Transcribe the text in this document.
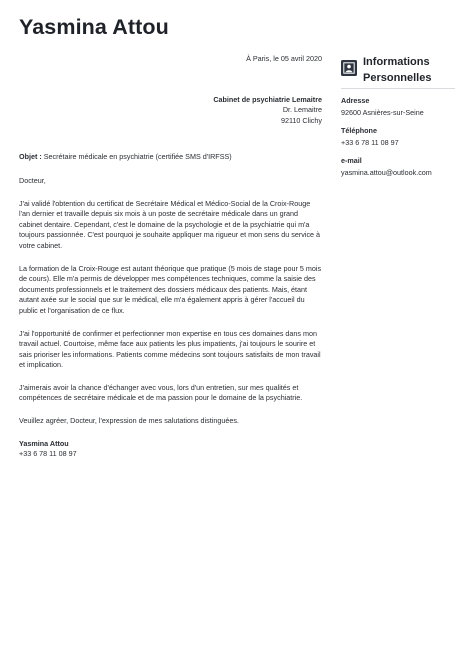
Yasmina Attou
À Paris, le 05 avril 2020
Cabinet de psychiatrie Lemaitre
Dr. Lemaitre
92110 Clichy
Objet : Secrétaire médicale en psychiatrie (certifiée SMS d'IRFSS)
Docteur,
J'ai validé l'obtention du certificat de Secrétaire Médical et Médico-Social de la Croix-Rouge l'an dernier et travaille depuis six mois à un poste de secrétaire médicale dans un grand cabinet dentaire. Cependant, c'est le domaine de la psychologie et de la psychiatrie qui m'a toujours passionnée. C'est pourquoi je souhaite appliquer ma rigueur et mon sens du service à votre cabinet.
La formation de la Croix-Rouge est autant théorique que pratique (5 mois de stage pour 5 mois de cours). Elle m'a permis de développer mes compétences techniques, comme la saisie des documents professionnels et le traitement des dossiers médicaux des patients. Mais, étant autant axée sur le social que sur le médical, elle m'a également appris à gérer l'accueil du public et l'organisation de ce flux.
J'ai l'opportunité de confirmer et perfectionner mon expertise en tous ces domaines dans mon travail actuel. Courtoise, même face aux patients les plus impatients, j'ai toujours le sourire et sais prioriser les informations. Patients comme médecins sont toujours satisfaits de mon travail et implication.
J'aimerais avoir la chance d'échanger avec vous, lors d'un entretien, sur mes qualités et compétences de secrétaire médicale et de ma passion pour le domaine de la psychiatrie.
Veuillez agréer, Docteur, l'expression de mes salutations distinguées.
Yasmina Attou
+33 6 78 11 08 97
Informations
Personnelles
Adresse
92600 Asnières-sur-Seine
Téléphone
+33 6 78 11 08 97
e-mail
yasmina.attou@outlook.com
